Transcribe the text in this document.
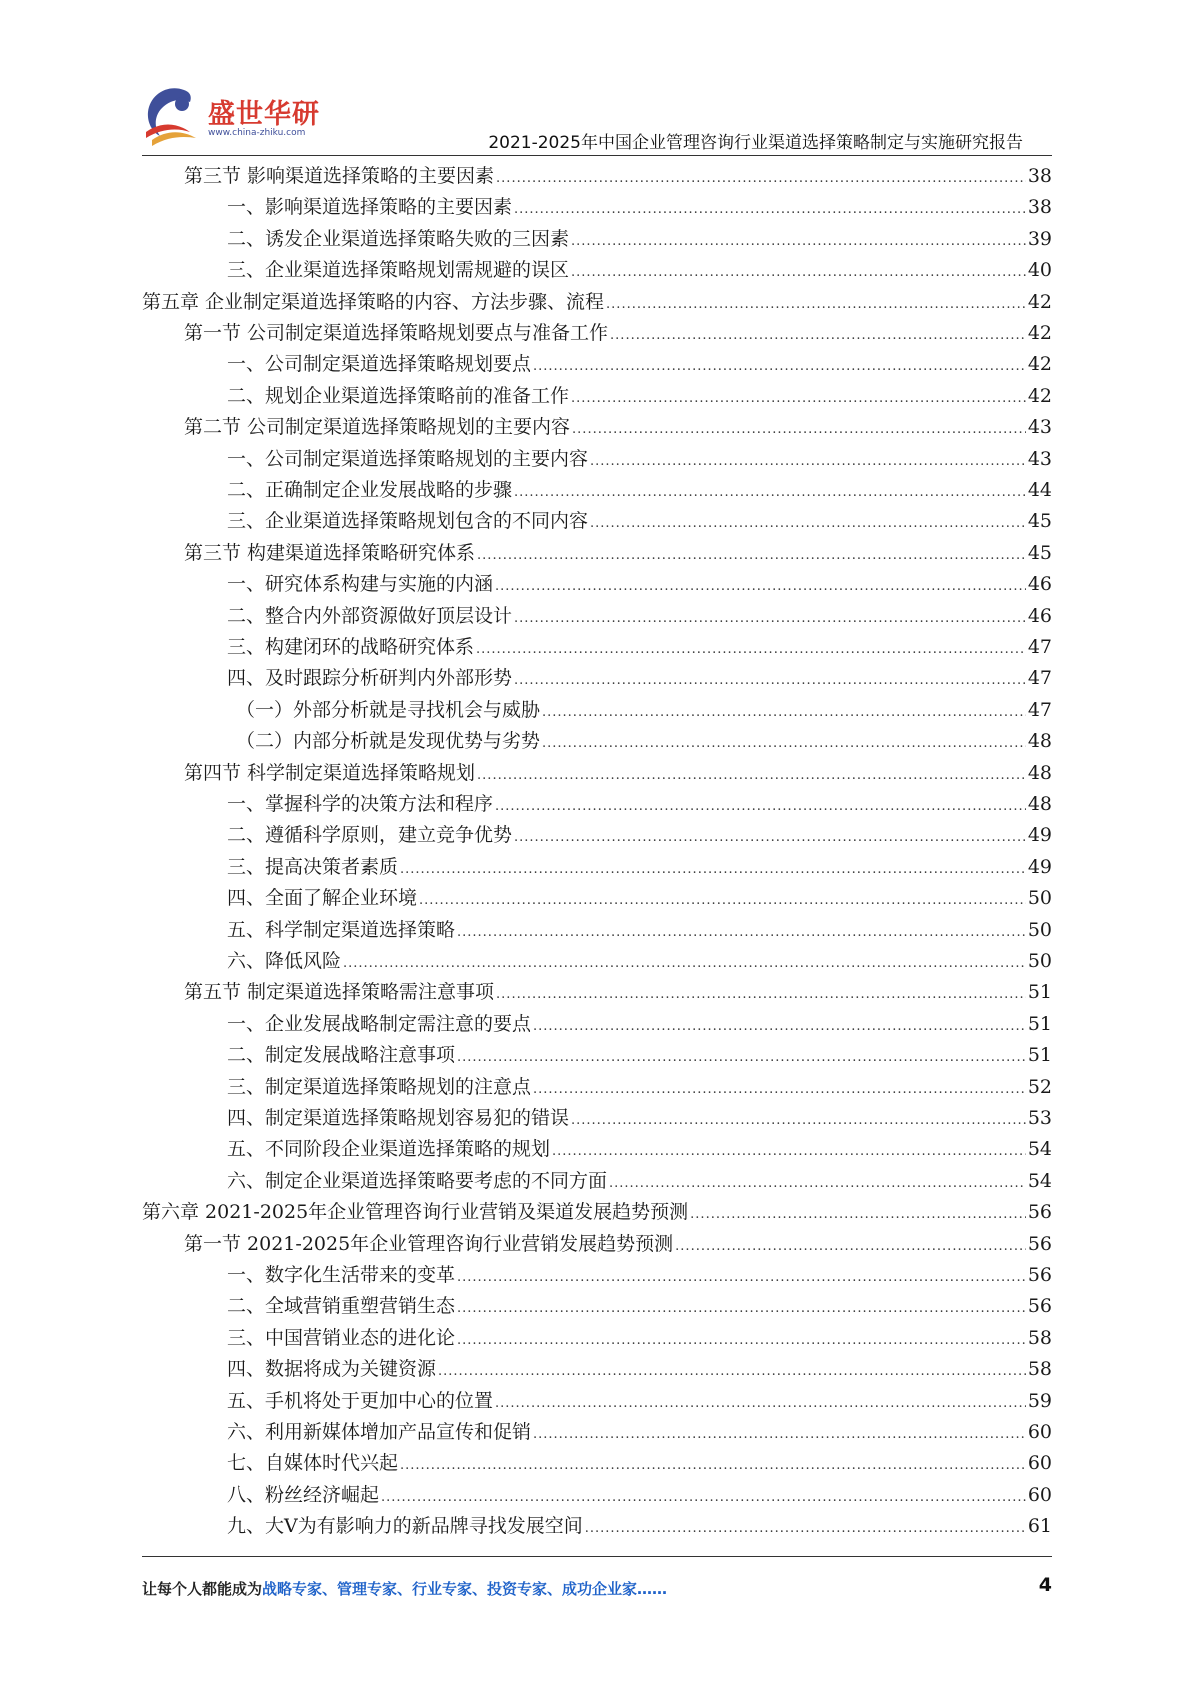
盛世华研
www.china-zhiku.com	2021-2025年中国企业管理咨询行业渠道选择策略制定与实施研究报告
第三节 影响渠道选择策略的主要因素 .....	38
一、影响渠道选择策略的主要因素 .....	38
二、诱发企业渠道选择策略失败的三因素 .....	39
三、企业渠道选择策略规划需规避的误区 .....	40
第五章 企业制定渠道选择策略的内容、方法步骤、流程 .....	42
第一节 公司制定渠道选择策略规划要点与准备工作 .....	42
一、公司制定渠道选择策略规划要点 .....	42
二、规划企业渠道选择策略前的准备工作 .....	42
第二节 公司制定渠道选择策略规划的主要内容 .....	43
一、公司制定渠道选择策略规划的主要内容 .....	43
二、正确制定企业发展战略的步骤 .....	44
三、企业渠道选择策略规划包含的不同内容 .....	45
第三节 构建渠道选择策略研究体系 .....	45
一、研究体系构建与实施的内涵 .....	46
二、整合内外部资源做好顶层设计 .....	46
三、构建闭环的战略研究体系 .....	47
四、及时跟踪分析研判内外部形势 .....	47
（一）外部分析就是寻找机会与威胁 .....	47
（二）内部分析就是发现优势与劣势 .....	48
第四节 科学制定渠道选择策略规划 .....	48
一、掌握科学的决策方法和程序 .....	48
二、遵循科学原则，建立竞争优势 .....	49
三、提高决策者素质 .....	49
四、全面了解企业环境 .....	50
五、科学制定渠道选择策略 .....	50
六、降低风险 .....	50
第五节 制定渠道选择策略需注意事项 .....	51
一、企业发展战略制定需注意的要点 .....	51
二、制定发展战略注意事项 .....	51
三、制定渠道选择策略规划的注意点 .....	52
四、制定渠道选择策略规划容易犯的错误 .....	53
五、不同阶段企业渠道选择策略的规划 .....	54
六、制定企业渠道选择策略要考虑的不同方面 .....	54
第六章 2021-2025年企业管理咨询行业营销及渠道发展趋势预测 .....	56
第一节 2021-2025年企业管理咨询行业营销发展趋势预测 .....	56
一、数字化生活带来的变革 .....	56
二、全域营销重塑营销生态 .....	56
三、中国营销业态的进化论 .....	58
四、数据将成为关键资源 .....	58
五、手机将处于更加中心的位置 .....	59
六、利用新媒体增加产品宣传和促销 .....	60
七、自媒体时代兴起 .....	60
八、粉丝经济崛起 .....	60
九、大V为有影响力的新品牌寻找发展空间 .....	61
让每个人都能成为战略专家、管理专家、行业专家、投资专家、成功企业家……	4
